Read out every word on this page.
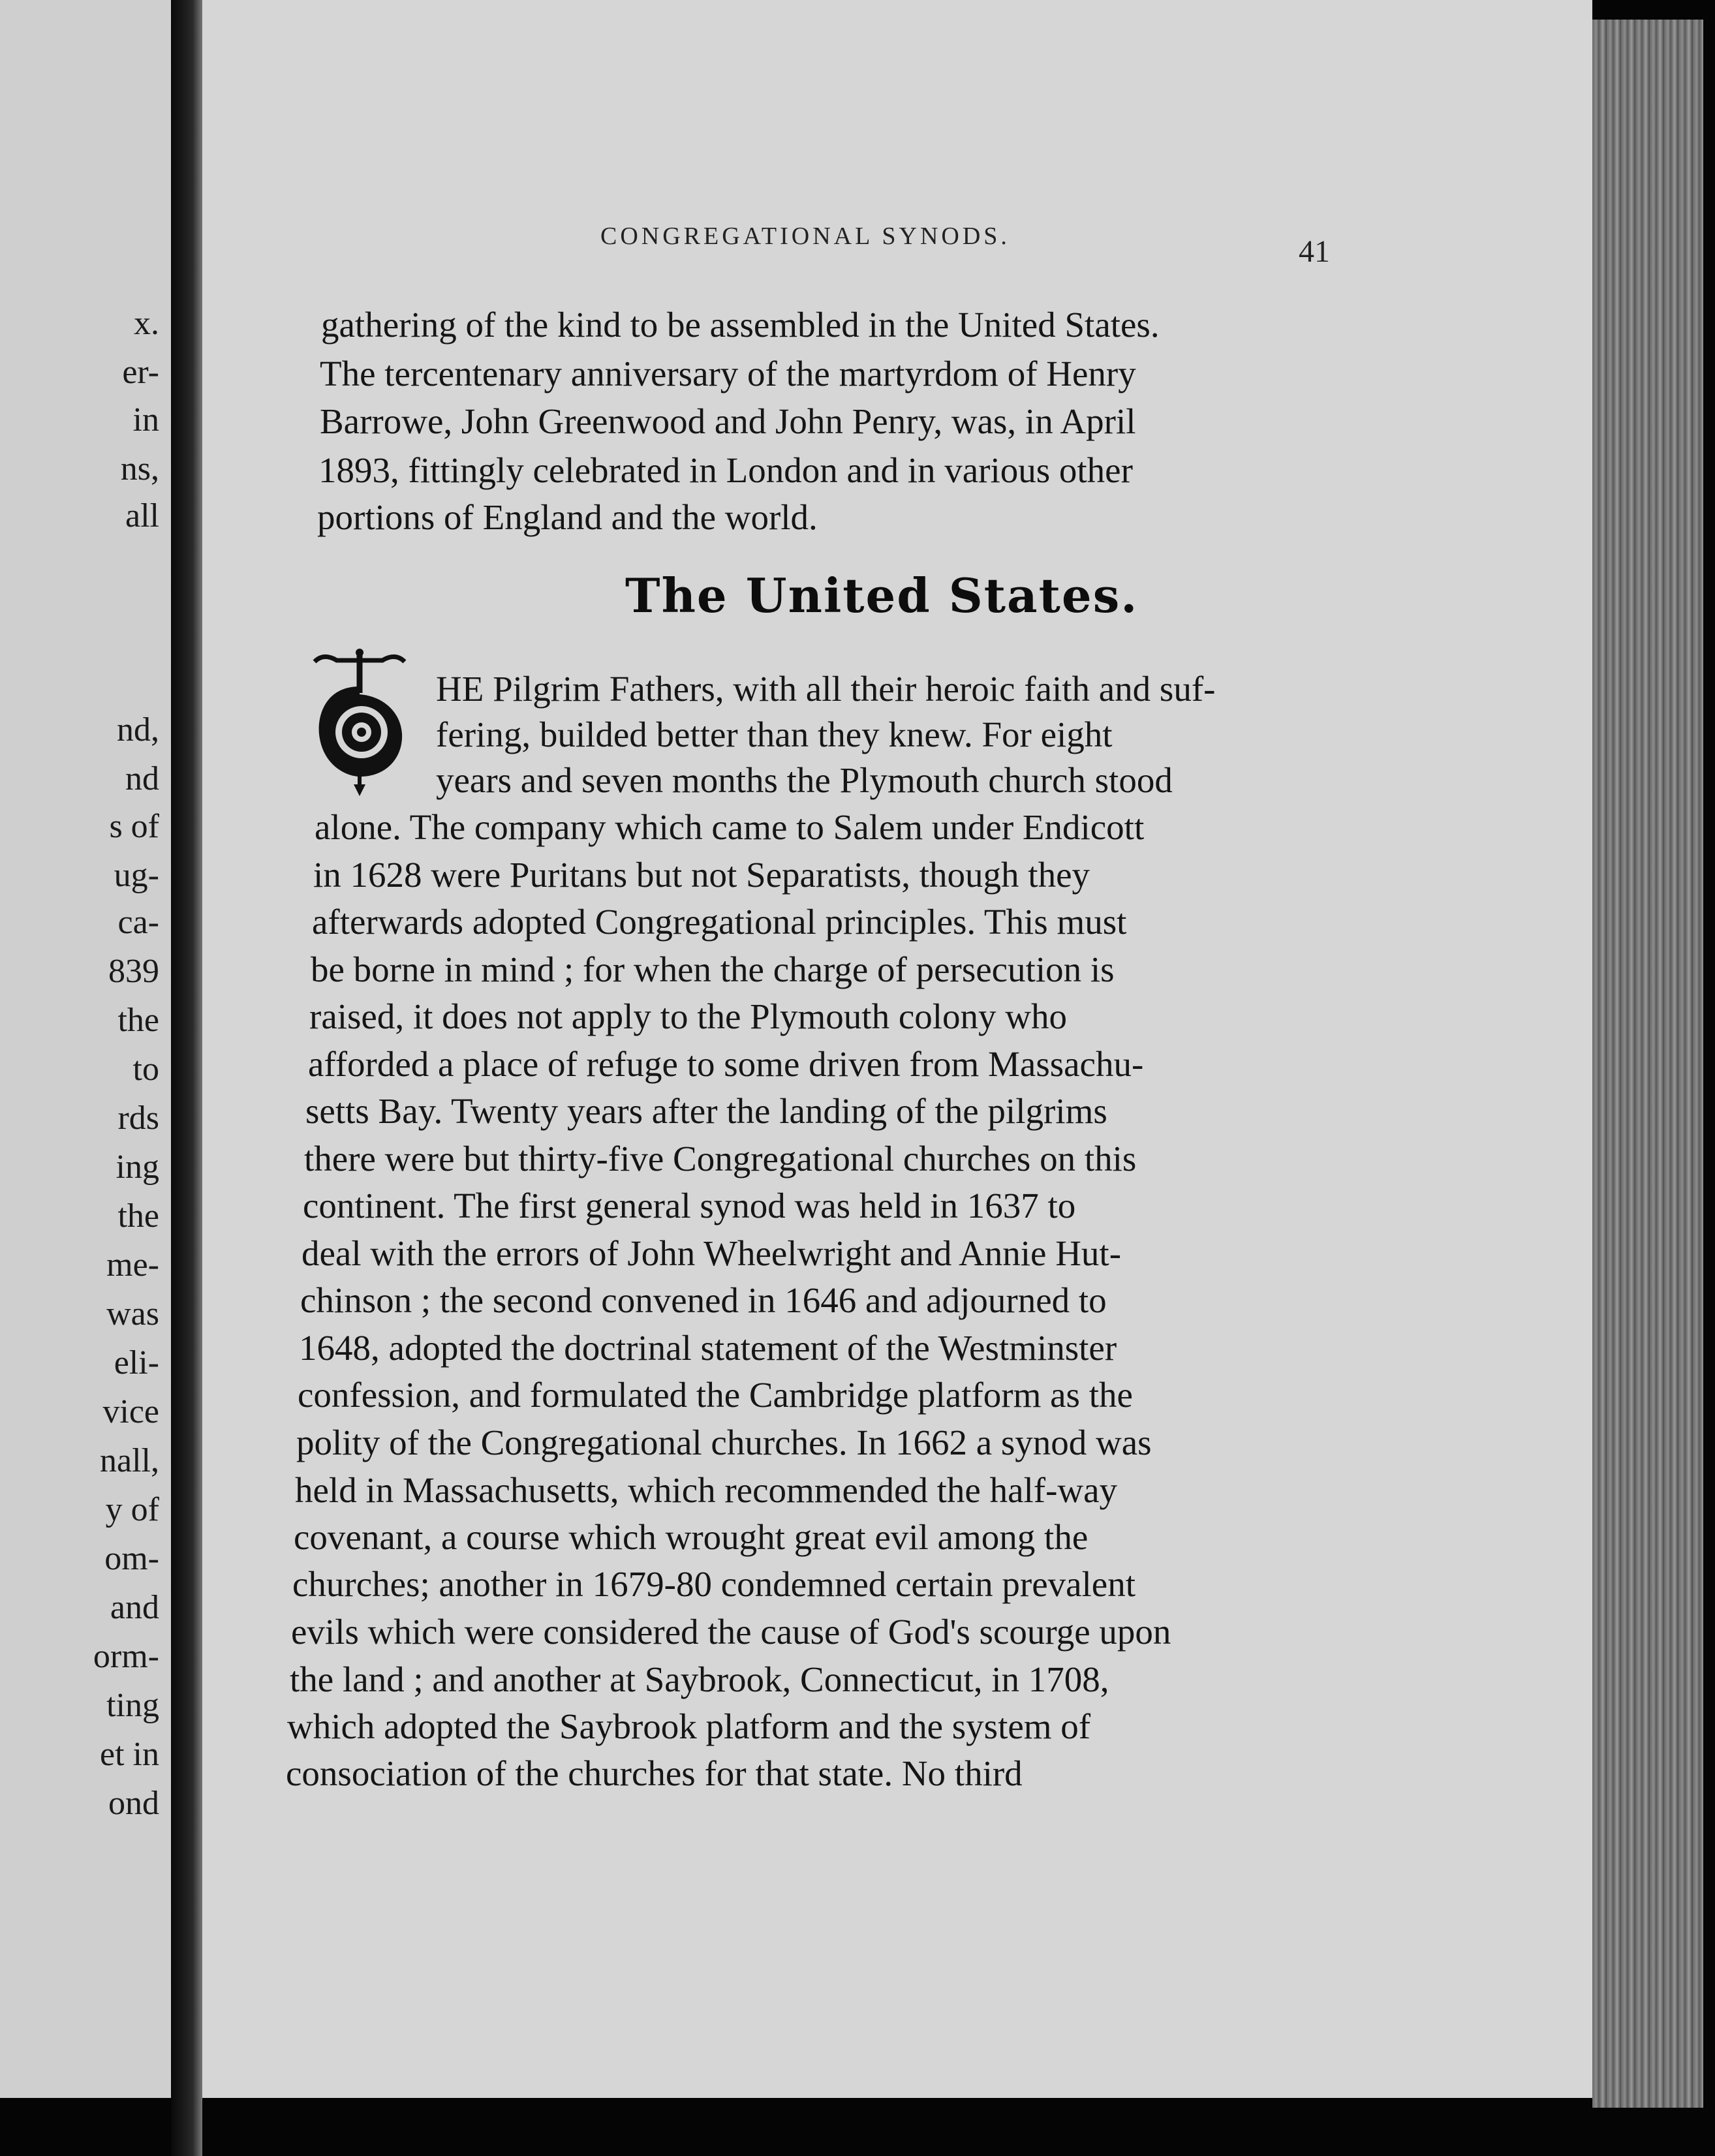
x.
er-
in
ns,
all
nd,
nd
s of
ug-
ca-
839
the
to
rds
ing
the
me-
was
eli-
vice
nall,
y of
om-
and
orm-
ting
et in
ond
CONGREGATIONAL SYNODS.	41
gathering of the kind to be assembled in the United States.
The tercentenary anniversary of the martyrdom of Henry
Barrowe, John Greenwood and John Penry, was, in April
1893, fittingly celebrated in London and in various other
portions of England and the world.
The United States.
HE Pilgrim Fathers, with all their heroic faith and suf-
fering, builded better than they knew. For eight
years and seven months the Plymouth church stood
alone. The company which came to Salem under Endicott
in 1628 were Puritans but not Separatists, though they
afterwards adopted Congregational principles. This must
be borne in mind ; for when the charge of persecution is
raised, it does not apply to the Plymouth colony who
afforded a place of refuge to some driven from Massachu-
setts Bay. Twenty years after the landing of the pilgrims
there were but thirty-five Congregational churches on this
continent. The first general synod was held in 1637 to
deal with the errors of John Wheelwright and Annie Hut-
chinson ; the second convened in 1646 and adjourned to
1648, adopted the doctrinal statement of the Westminster
confession, and formulated the Cambridge platform as the
polity of the Congregational churches. In 1662 a synod was
held in Massachusetts, which recommended the half-way
covenant, a course which wrought great evil among the
churches; another in 1679-80 condemned certain prevalent
evils which were considered the cause of God's scourge upon
the land ; and another at Saybrook, Connecticut, in 1708,
which adopted the Saybrook platform and the system of
consociation of the churches for that state. No third
